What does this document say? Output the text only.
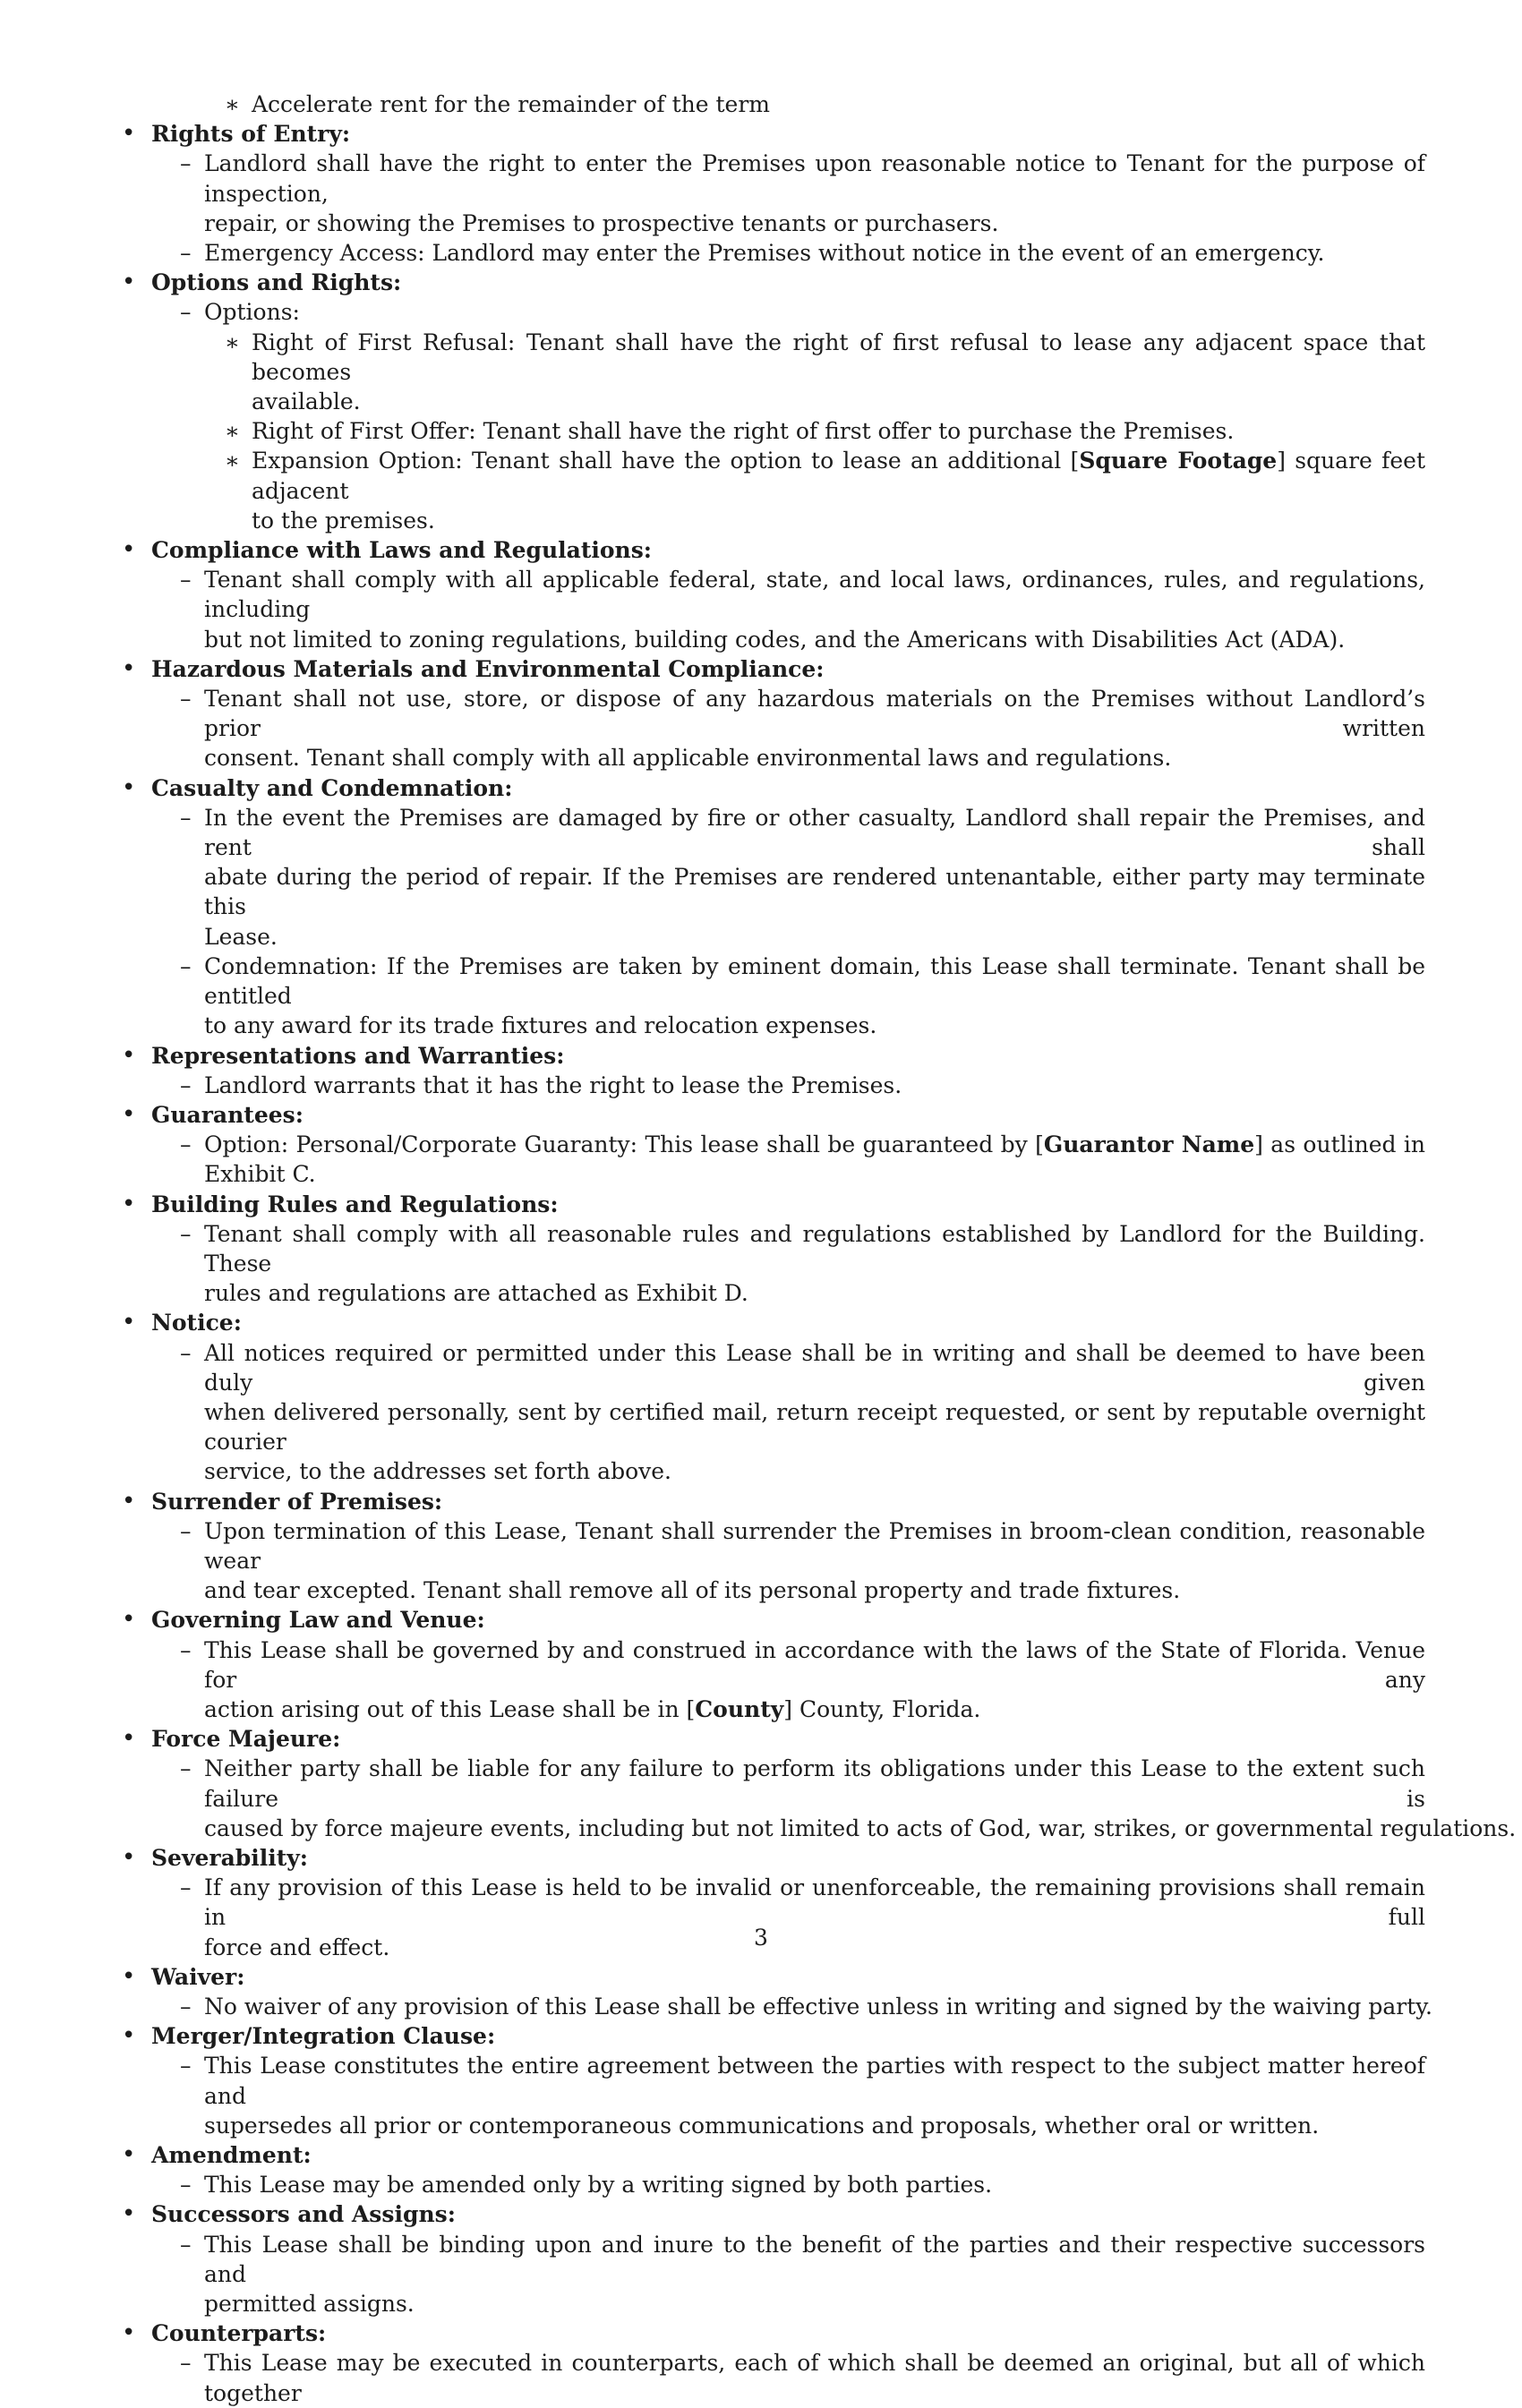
∗ Accelerate rent for the remainder of the term
• Rights of Entry:
– Landlord shall have the right to enter the Premises upon reasonable notice to Tenant for the purpose of inspection,
repair, or showing the Premises to prospective tenants or purchasers.
– Emergency Access: Landlord may enter the Premises without notice in the event of an emergency.
• Options and Rights:
– Options:
∗ Right of First Refusal: Tenant shall have the right of first refusal to lease any adjacent space that becomes
available.
∗ Right of First Offer: Tenant shall have the right of first offer to purchase the Premises.
∗ Expansion Option: Tenant shall have the option to lease an additional [Square Footage] square feet adjacent
to the premises.
• Compliance with Laws and Regulations:
– Tenant shall comply with all applicable federal, state, and local laws, ordinances, rules, and regulations, including
but not limited to zoning regulations, building codes, and the Americans with Disabilities Act (ADA).
• Hazardous Materials and Environmental Compliance:
– Tenant shall not use, store, or dispose of any hazardous materials on the Premises without Landlord’s prior written
consent. Tenant shall comply with all applicable environmental laws and regulations.
• Casualty and Condemnation:
– In the event the Premises are damaged by fire or other casualty, Landlord shall repair the Premises, and rent shall
abate during the period of repair. If the Premises are rendered untenantable, either party may terminate this
Lease.
– Condemnation: If the Premises are taken by eminent domain, this Lease shall terminate. Tenant shall be entitled
to any award for its trade fixtures and relocation expenses.
• Representations and Warranties:
– Landlord warrants that it has the right to lease the Premises.
• Guarantees:
– Option: Personal/Corporate Guaranty: This lease shall be guaranteed by [Guarantor Name] as outlined in
Exhibit C.
• Building Rules and Regulations:
– Tenant shall comply with all reasonable rules and regulations established by Landlord for the Building. These
rules and regulations are attached as Exhibit D.
• Notice:
– All notices required or permitted under this Lease shall be in writing and shall be deemed to have been duly given
when delivered personally, sent by certified mail, return receipt requested, or sent by reputable overnight courier
service, to the addresses set forth above.
• Surrender of Premises:
– Upon termination of this Lease, Tenant shall surrender the Premises in broom-clean condition, reasonable wear
and tear excepted. Tenant shall remove all of its personal property and trade fixtures.
• Governing Law and Venue:
– This Lease shall be governed by and construed in accordance with the laws of the State of Florida. Venue for any
action arising out of this Lease shall be in [County] County, Florida.
• Force Majeure:
– Neither party shall be liable for any failure to perform its obligations under this Lease to the extent such failure is
caused by force majeure events, including but not limited to acts of God, war, strikes, or governmental regulations.
• Severability:
– If any provision of this Lease is held to be invalid or unenforceable, the remaining provisions shall remain in full
force and effect.
• Waiver:
– No waiver of any provision of this Lease shall be effective unless in writing and signed by the waiving party.
• Merger/Integration Clause:
– This Lease constitutes the entire agreement between the parties with respect to the subject matter hereof and
supersedes all prior or contemporaneous communications and proposals, whether oral or written.
• Amendment:
– This Lease may be amended only by a writing signed by both parties.
• Successors and Assigns:
– This Lease shall be binding upon and inure to the benefit of the parties and their respective successors and
permitted assigns.
• Counterparts:
– This Lease may be executed in counterparts, each of which shall be deemed an original, but all of which together
3
